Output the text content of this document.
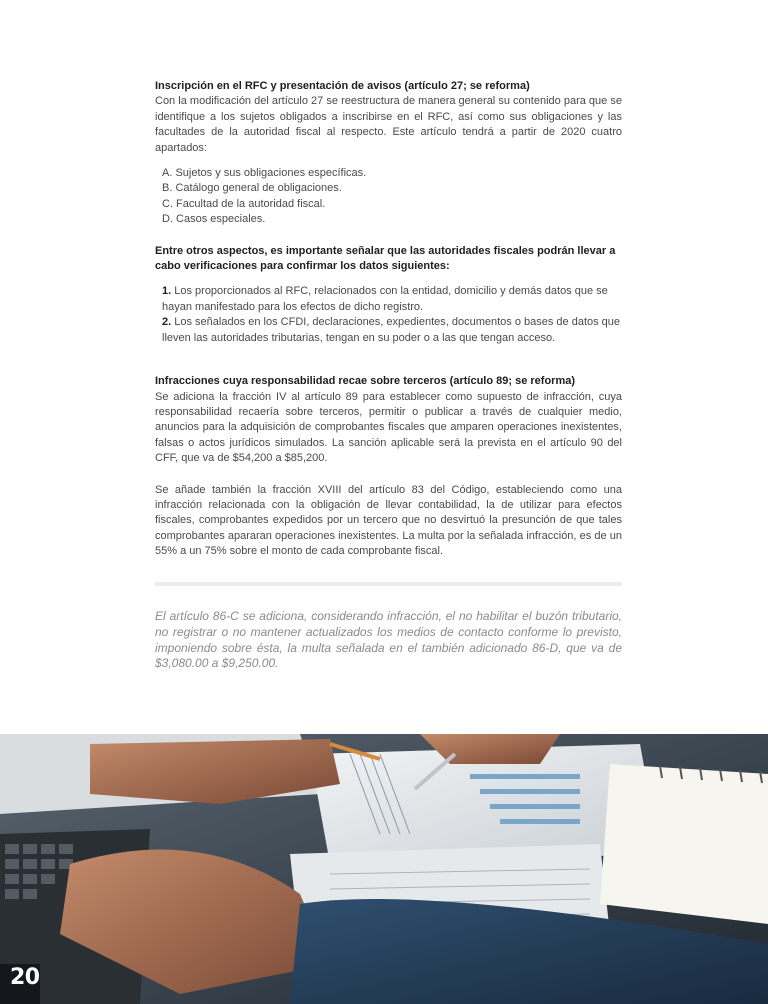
Inscripción en el RFC y presentación de avisos (artículo 27; se reforma)

Con la modificación del artículo 27 se reestructura de manera general su contenido para que se identifique a los sujetos obligados a inscribirse en el RFC, así como sus obligaciones y las facultades de la autoridad fiscal al respecto. Este artículo tendrá a partir de 2020 cuatro apartados:

A. Sujetos y sus obligaciones específicas.
B. Catálogo general de obligaciones.
C. Facultad de la autoridad fiscal.
D. Casos especiales.

Entre otros aspectos, es importante señalar que las autoridades fiscales podrán llevar a cabo verificaciones para confirmar los datos siguientes:

1. Los proporcionados al RFC, relacionados con la entidad, domicilio y demás datos que se hayan manifestado para los efectos de dicho registro.
2. Los señalados en los CFDI, declaraciones, expedientes, documentos o bases de datos que lleven las autoridades tributarias, tengan en su poder o a las que tengan acceso.

Infracciones cuya responsabilidad recae sobre terceros (artículo 89; se reforma)

Se adiciona la fracción IV al artículo 89 para establecer como supuesto de infracción, cuya responsabilidad recaería sobre terceros, permitir o publicar a través de cualquier medio, anuncios para la adquisición de comprobantes fiscales que amparen operaciones inexistentes, falsas o actos jurídicos simulados. La sanción aplicable será la prevista en el artículo 90 del CFF, que va de $54,200 a $85,200.

Se añade también la fracción XVIII del artículo 83 del Código, estableciendo como una infracción relacionada con la obligación de llevar contabilidad, la de utilizar para efectos fiscales, comprobantes expedidos por un tercero que no desvirtuó la presunción de que tales comprobantes apararan operaciones inexistentes. La multa por la señalada infracción, es de un 55% a un 75% sobre el monto de cada comprobante fiscal.

El artículo 86-C se adiciona, considerando infracción, el no habilitar el buzón tributario, no registrar o no mantener actualizados los medios de contacto conforme lo previsto, imponiendo sobre ésta, la multa señalada en el también adicionado 86-D, que va de $3,080.00 a $9,250.00.

20
